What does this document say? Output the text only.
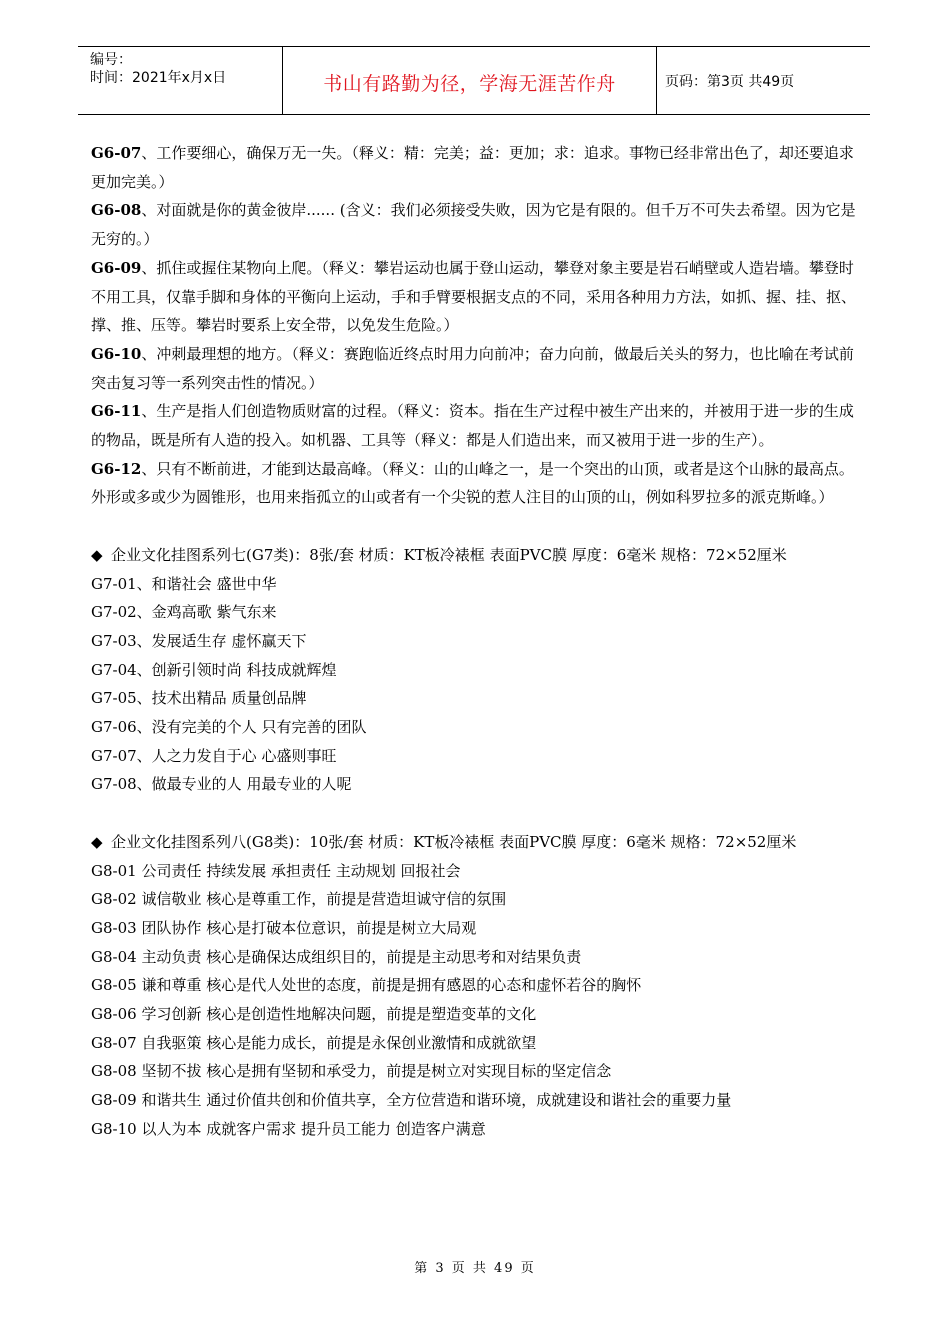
编号：
时间：2021年x月x日	书山有路勤为径，学海无涯苦作舟	页码：第3页 共49页

G6-07、工作要细心，确保万无一失。（释义：精：完美；益：更加；求：追求。事物已经非常出色了，却还要追求更加完美。）

G6-08、对面就是你的黄金彼岸...... (含义：我们必须接受失败，因为它是有限的。但千万不可失去希望。因为它是无穷的。）

G6-09、抓住或握住某物向上爬。（释义：攀岩运动也属于登山运动，攀登对象主要是岩石峭壁或人造岩墙。攀登时不用工具，仅靠手脚和身体的平衡向上运动，手和手臂要根据支点的不同，采用各种用力方法，如抓、握、挂、抠、撑、推、压等。攀岩时要系上安全带，以免发生危险。）

G6-10、冲刺最理想的地方。（释义：赛跑临近终点时用力向前冲；奋力向前，做最后关头的努力，也比喻在考试前突击复习等一系列突击性的情况。）

G6-11、生产是指人们创造物质财富的过程。（释义：资本。指在生产过程中被生产出来的，并被用于进一步的生成的物品，既是所有人造的投入。如机器、工具等（释义：都是人们造出来，而又被用于进一步的生产）。

G6-12、只有不断前进，才能到达最高峰。（释义：山的山峰之一，是一个突出的山顶，或者是这个山脉的最高点。外形或多或少为圆锥形，也用来指孤立的山或者有一个尖锐的惹人注目的山顶的山，例如科罗拉多的派克斯峰。）

◆ 企业文化挂图系列七(G7类)：8张/套 材质：KT板冷裱框 表面PVC膜 厚度：6毫米 规格：72×52厘米

G7-01、和谐社会 盛世中华

G7-02、金鸡高歌 紫气东来

G7-03、发展适生存 虚怀赢天下

G7-04、创新引领时尚 科技成就辉煌

G7-05、技术出精品 质量创品牌

G7-06、没有完美的个人 只有完善的团队

G7-07、人之力发自于心 心盛则事旺

G7-08、做最专业的人 用最专业的人呢

◆ 企业文化挂图系列八(G8类)：10张/套 材质：KT板冷裱框 表面PVC膜 厚度：6毫米 规格：72×52厘米

G8-01 公司责任 持续发展 承担责任 主动规划 回报社会

G8-02 诚信敬业 核心是尊重工作，前提是营造坦诚守信的氛围

G8-03 团队协作 核心是打破本位意识，前提是树立大局观

G8-04 主动负责 核心是确保达成组织目的，前提是主动思考和对结果负责

G8-05 谦和尊重 核心是代人处世的态度，前提是拥有感恩的心态和虚怀若谷的胸怀

G8-06 学习创新 核心是创造性地解决问题，前提是塑造变革的文化

G8-07 自我驱策 核心是能力成长，前提是永保创业激情和成就欲望

G8-08 坚韧不拔 核心是拥有坚韧和承受力，前提是树立对实现目标的坚定信念

G8-09 和谐共生 通过价值共创和价值共享，全方位营造和谐环境，成就建设和谐社会的重要力量

G8-10 以人为本 成就客户需求 提升员工能力 创造客户满意

第 3 页 共 49 页
